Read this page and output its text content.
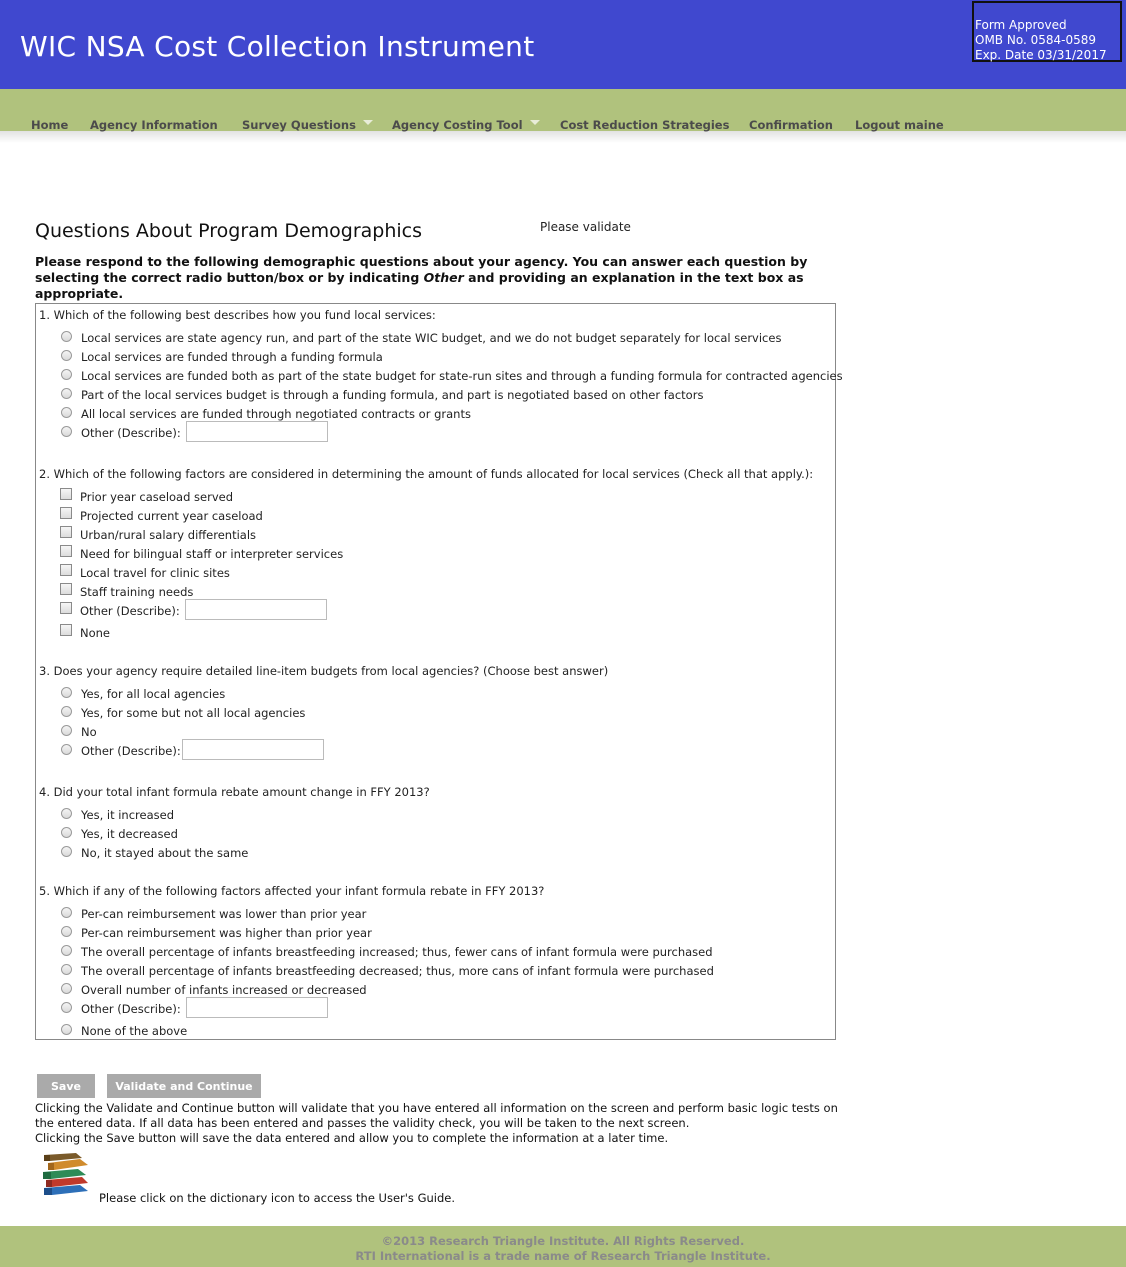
WIC NSA Cost Collection Instrument
Form Approved
OMB No. 0584-0589
Exp. Date 03/31/2017
Home Agency Information Survey Questions	Agency Costing Tool	Cost Reduction Strategies Confirmation Logout maine
Questions About Program Demographics	Please validate
Please respond to the following demographic questions about your agency. You can answer each question by selecting the correct radio button/box or by indicating Other and providing an explanation in the text box as appropriate.
1. Which of the following best describes how you fund local services:
Local services are state agency run, and part of the state WIC budget, and we do not budget separately for local services
Local services are funded through a funding formula
Local services are funded both as part of the state budget for state-run sites and through a funding formula for contracted agencies
Part of the local services budget is through a funding formula, and part is negotiated based on other factors
All local services are funded through negotiated contracts or grants
Other (Describe):
2. Which of the following factors are considered in determining the amount of funds allocated for local services (Check all that apply.):
Prior year caseload served
Projected current year caseload
Urban/rural salary differentials
Need for bilingual staff or interpreter services
Local travel for clinic sites
Staff training needs
Other (Describe):
None
3. Does your agency require detailed line-item budgets from local agencies? (Choose best answer)
Yes, for all local agencies
Yes, for some but not all local agencies
No
Other (Describe):
4. Did your total infant formula rebate amount change in FFY 2013?
Yes, it increased
Yes, it decreased
No, it stayed about the same
5. Which if any of the following factors affected your infant formula rebate in FFY 2013?
Per-can reimbursement was lower than prior year
Per-can reimbursement was higher than prior year
The overall percentage of infants breastfeeding increased; thus, fewer cans of infant formula were purchased
The overall percentage of infants breastfeeding decreased; thus, more cans of infant formula were purchased
Overall number of infants increased or decreased
Other (Describe):
None of the above
Save	Validate and Continue
Clicking the Validate and Continue button will validate that you have entered all information on the screen and perform basic logic tests on
the entered data. If all data has been entered and passes the validity check, you will be taken to the next screen.
Clicking the Save button will save the data entered and allow you to complete the information at a later time.
Please click on the dictionary icon to access the User's Guide.
©2013 Research Triangle Institute. All Rights Reserved.
RTI International is a trade name of Research Triangle Institute.
